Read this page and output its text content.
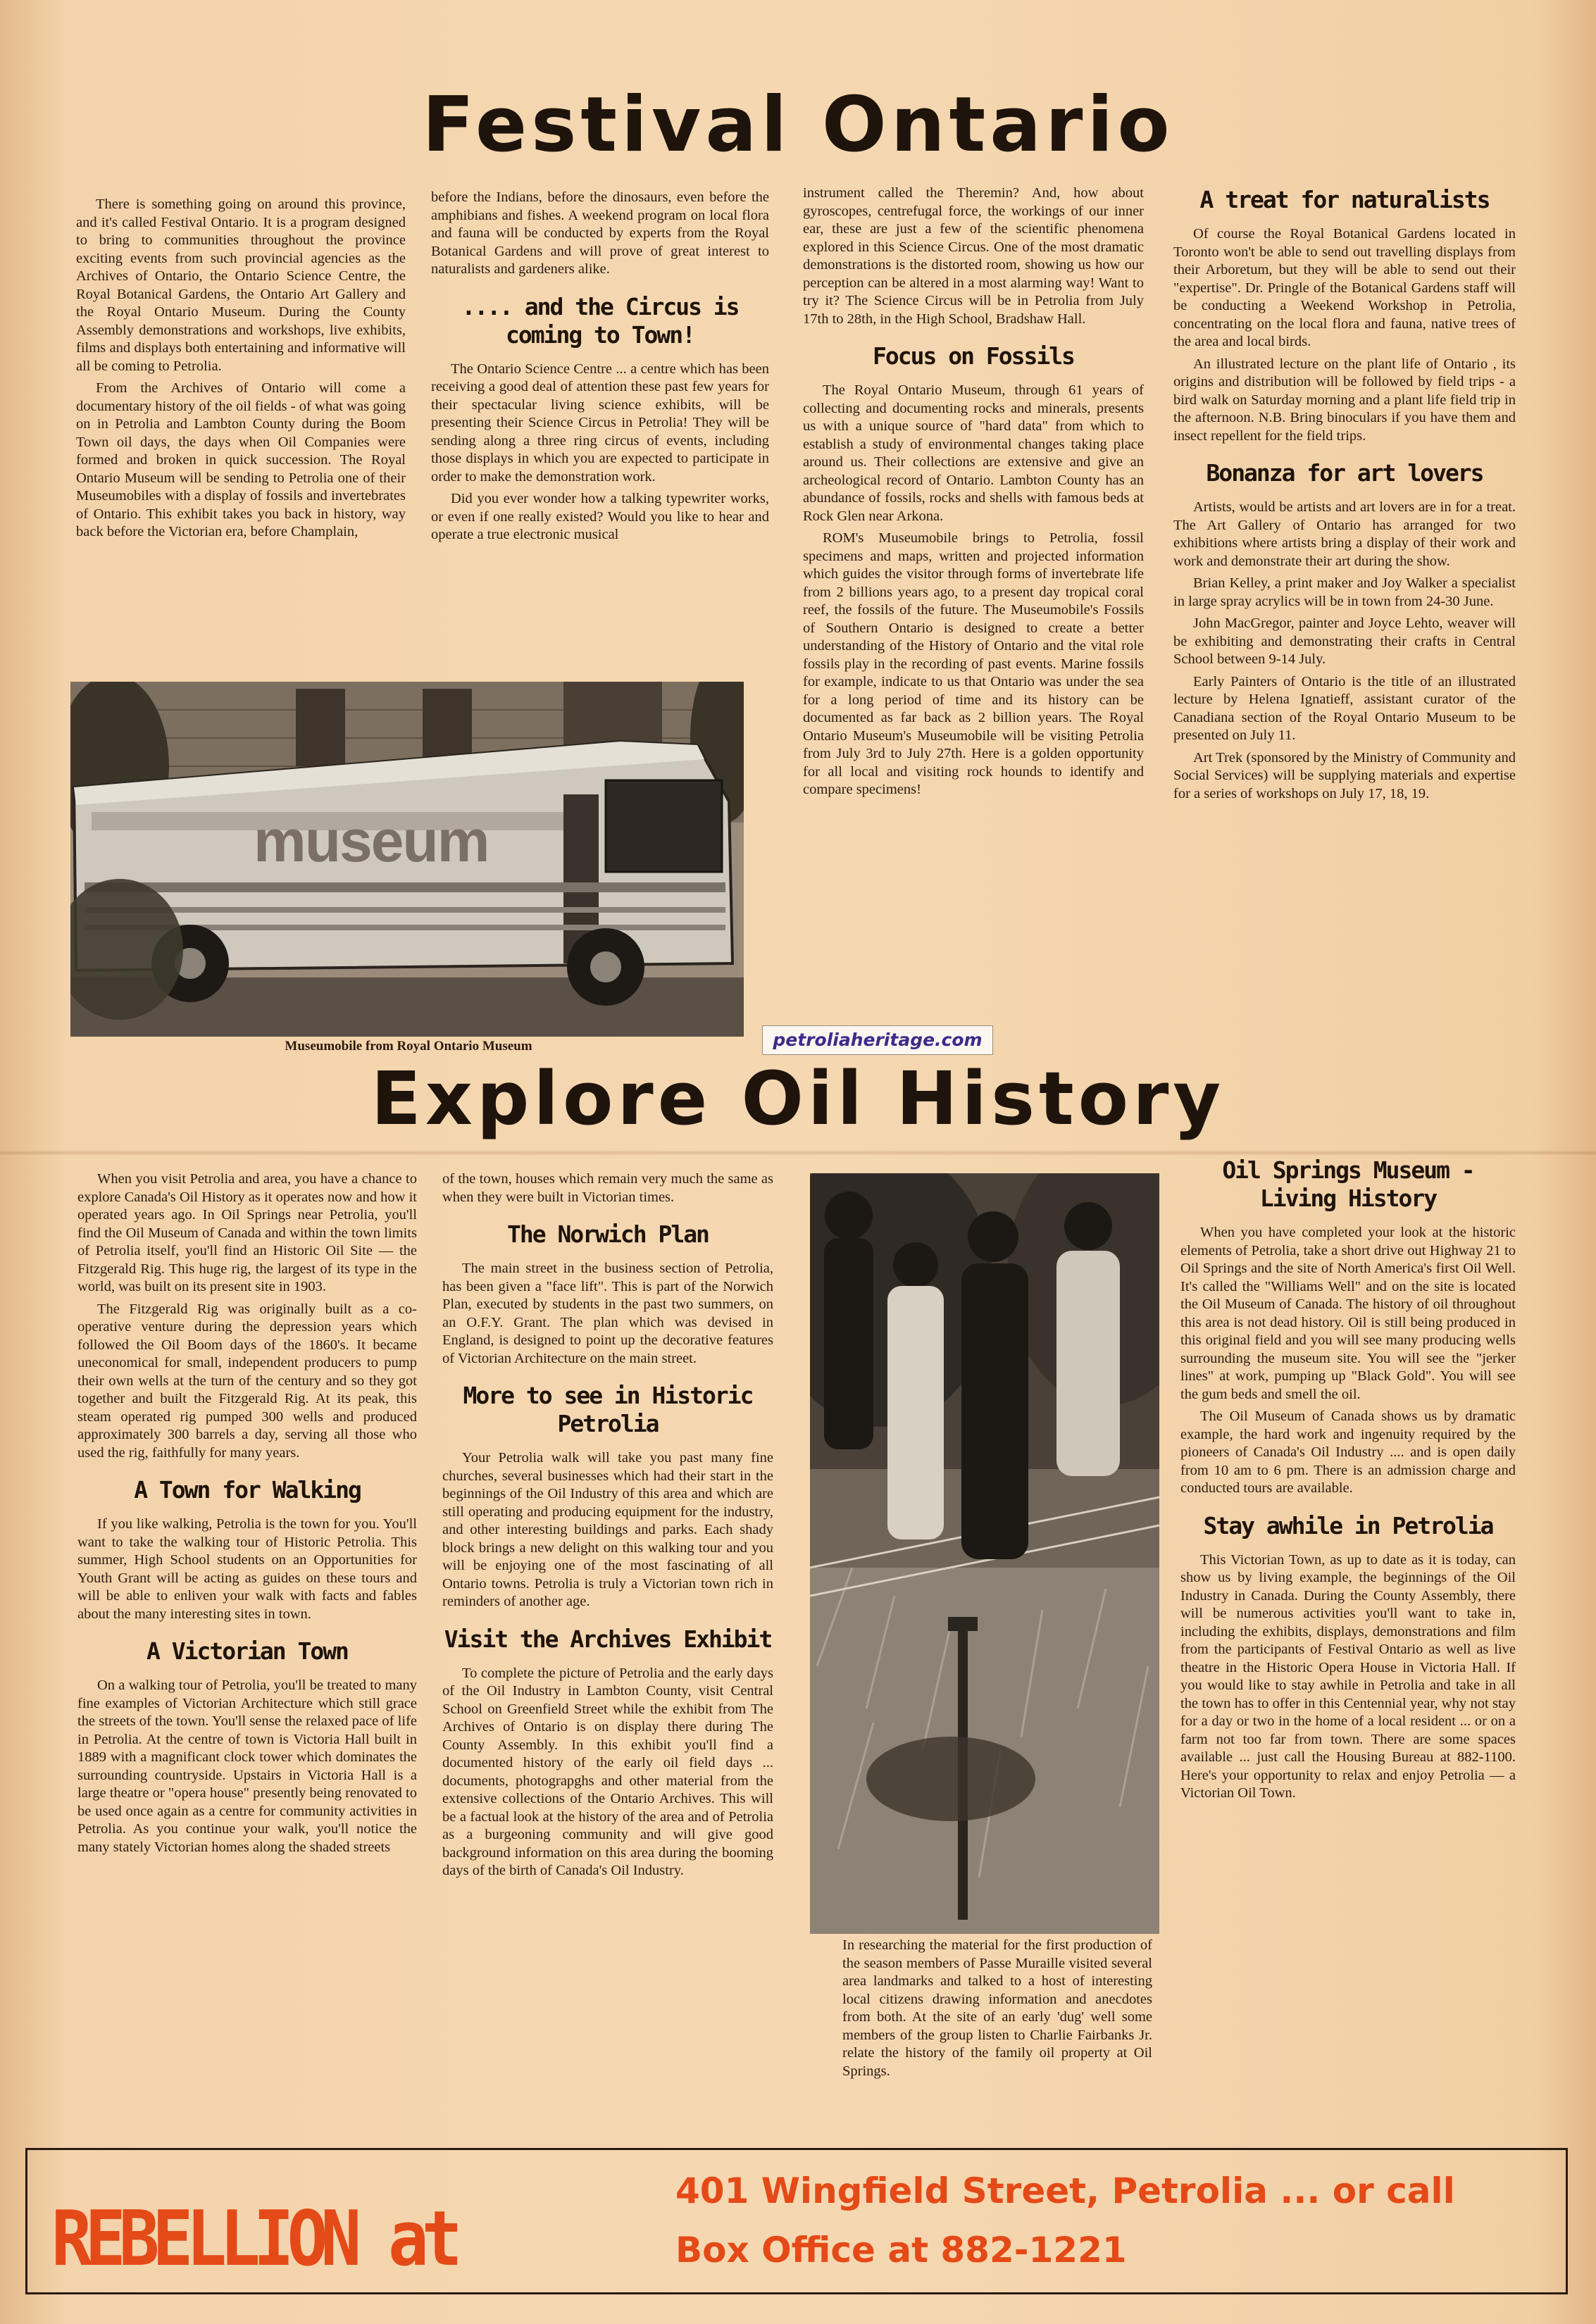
Festival Ontario

There is something going on around this province, and it's called Festival Ontario. It is a program designed to bring to communities throughout the province exciting events from such provincial agencies as the Archives of Ontario, the Ontario Science Centre, the Royal Botanical Gardens, the Ontario Art Gallery and the Royal Ontario Museum. During the County Assembly demonstrations and workshops, live exhibits, films and displays both entertaining and informative will all be coming to Petrolia.

From the Archives of Ontario will come a documentary history of the oil fields - of what was going on in Petrolia and Lambton County during the Boom Town oil days, the days when Oil Companies were formed and broken in quick succession. The Royal Ontario Museum will be sending to Petrolia one of their Museumobiles with a display of fossils and invertebrates of Ontario. This exhibit takes you back in history, way back before the Victorian era, before Champlain,

before the Indians, before the dinosaurs, even before the amphibians and fishes. A weekend program on local flora and fauna will be conducted by experts from the Royal Botanical Gardens and will prove of great interest to naturalists and gardeners alike.

.... and the Circus is coming to Town!

The Ontario Science Centre ... a centre which has been receiving a good deal of attention these past few years for their spectacular living science exhibits, will be presenting their Science Circus in Petrolia! They will be sending along a three ring circus of events, including those displays in which you are expected to participate in order to make the demonstration work.

Did you ever wonder how a talking typewriter works, or even if one really existed? Would you like to hear and operate a true electronic musical

instrument called the Theremin? And, how about gyroscopes, centrefugal force, the workings of our inner ear, these are just a few of the scientific phenomena explored in this Science Circus. One of the most dramatic demonstrations is the distorted room, showing us how our perception can be altered in a most alarming way! Want to try it? The Science Circus will be in Petrolia from July 17th to 28th, in the High School, Bradshaw Hall.

Focus on Fossils

The Royal Ontario Museum, through 61 years of collecting and documenting rocks and minerals, presents us with a unique source of "hard data" from which to establish a study of environmental changes taking place around us. Their collections are extensive and give an archeological record of Ontario. Lambton County has an abundance of fossils, rocks and shells with famous beds at Rock Glen near Arkona.

ROM's Museumobile brings to Petrolia, fossil specimens and maps, written and projected information which guides the visitor through forms of invertebrate life from 2 billions years ago, to a present day tropical coral reef, the fossils of the future. The Museumobile's Fossils of Southern Ontario is designed to create a better understanding of the History of Ontario and the vital role fossils play in the recording of past events. Marine fossils for example, indicate to us that Ontario was under the sea for a long period of time and its history can be documented as far back as 2 billion years. The Royal Ontario Museum's Museumobile will be visiting Petrolia from July 3rd to July 27th. Here is a golden opportunity for all local and visiting rock hounds to identify and compare specimens!

A treat for naturalists

Of course the Royal Botanical Gardens located in Toronto won't be able to send out travelling displays from their Arboretum, but they will be able to send out their "expertise". Dr. Pringle of the Botanical Gardens staff will be conducting a Weekend Workshop in Petrolia, concentrating on the local flora and fauna, native trees of the area and local birds.

An illustrated lecture on the plant life of Ontario , its origins and distribution will be followed by field trips - a bird walk on Saturday morning and a plant life field trip in the afternoon. N.B. Bring binoculars if you have them and insect repellent for the field trips.

Bonanza for art lovers

Artists, would be artists and art lovers are in for a treat. The Art Gallery of Ontario has arranged for two exhibitions where artists bring a display of their work and work and demonstrate their art during the show.

Brian Kelley, a print maker and Joy Walker a specialist in large spray acrylics will be in town from 24-30 June.

John MacGregor, painter and Joyce Lehto, weaver will be exhibiting and demonstrating their crafts in Central School between 9-14 July.

Early Painters of Ontario is the title of an illustrated lecture by Helena Ignatieff, assistant curator of the Canadiana section of the Royal Ontario Museum to be presented on July 11.

Art Trek (sponsored by the Ministry of Community and Social Services) will be supplying materials and expertise for a series of workshops on July 17, 18, 19.

museum
Museumobile from Royal Ontario Museum	petroliaheritage.com
Explore Oil History

When you visit Petrolia and area, you have a chance to explore Canada's Oil History as it operates now and how it operated years ago. In Oil Springs near Petrolia, you'll find the Oil Museum of Canada and within the town limits of Petrolia itself, you'll find an Historic Oil Site — the Fitzgerald Rig. This huge rig, the largest of its type in the world, was built on its present site in 1903.

The Fitzgerald Rig was originally built as a co-operative venture during the depression years which followed the Oil Boom days of the 1860's. It became uneconomical for small, independent producers to pump their own wells at the turn of the century and so they got together and built the Fitzgerald Rig. At its peak, this steam operated rig pumped 300 wells and produced approximately 300 barrels a day, serving all those who used the rig, faithfully for many years.

A Town for Walking

If you like walking, Petrolia is the town for you. You'll want to take the walking tour of Historic Petrolia. This summer, High School students on an Opportunities for Youth Grant will be acting as guides on these tours and will be able to enliven your walk with facts and fables about the many interesting sites in town.

A Victorian Town

On a walking tour of Petrolia, you'll be treated to many fine examples of Victorian Architecture which still grace the streets of the town. You'll sense the relaxed pace of life in Petrolia. At the centre of town is Victoria Hall built in 1889 with a magnificant clock tower which dominates the surrounding countryside. Upstairs in Victoria Hall is a large theatre or "opera house" presently being renovated to be used once again as a centre for community activities in Petrolia. As you continue your walk, you'll notice the many stately Victorian homes along the shaded streets

of the town, houses which remain very much the same as when they were built in Victorian times.

The Norwich Plan

The main street in the business section of Petrolia, has been given a "face lift". This is part of the Norwich Plan, executed by students in the past two summers, on an O.F.Y. Grant. The plan which was devised in England, is designed to point up the decorative features of Victorian Architecture on the main street.

More to see in Historic Petrolia

Your Petrolia walk will take you past many fine churches, several businesses which had their start in the beginnings of the Oil Industry of this area and which are still operating and producing equipment for the industry, and other interesting buildings and parks. Each shady block brings a new delight on this walking tour and you will be enjoying one of the most fascinating of all Ontario towns. Petrolia is truly a Victorian town rich in reminders of another age.

Visit the Archives Exhibit

To complete the picture of Petrolia and the early days of the Oil Industry in Lambton County, visit Central School on Greenfield Street while the exhibit from The Archives of Ontario is on display there during The County Assembly. In this exhibit you'll find a documented history of the early oil field days ... documents, photograpghs and other material from the extensive collections of the Ontario Archives. This will be a factual look at the history of the area and of Petrolia as a burgeoning community and will give good background information on this area during the booming days of the birth of Canada's Oil Industry.

In researching the material for the first production of the season members of Passe Muraille visited several area landmarks and talked to a host of interesting local citizens drawing information and anecdotes from both. At the site of an early 'dug' well some members of the group listen to Charlie Fairbanks Jr. relate the history of the family oil property at Oil Springs.
Oil Springs Museum - Living History

When you have completed your look at the historic elements of Petrolia, take a short drive out Highway 21 to Oil Springs and the site of North America's first Oil Well. It's called the "Williams Well" and on the site is located the Oil Museum of Canada. The history of oil throughout this area is not dead history. Oil is still being produced in this original field and you will see many producing wells surrounding the museum site. You will see the "jerker lines" at work, pumping up "Black Gold". You will see the gum beds and smell the oil.

The Oil Museum of Canada shows us by dramatic example, the hard work and ingenuity required by the pioneers of Canada's Oil Industry .... and is open daily from 10 am to 6 pm. There is an admission charge and conducted tours are available.

Stay awhile in Petrolia

This Victorian Town, as up to date as it is today, can show us by living example, the beginnings of the Oil Industry in Canada. During the County Assembly, there will be numerous activities you'll want to take in, including the exhibits, displays, demonstrations and film from the participants of Festival Ontario as well as live theatre in the Historic Opera House in Victoria Hall. If you would like to stay awhile in Petrolia and take in all the town has to offer in this Centennial year, why not stay for a day or two in the home of a local resident ... or on a farm not too far from town. There are some spaces available ... just call the Housing Bureau at 882-1100. Here's your opportunity to relax and enjoy Petrolia — a Victorian Oil Town.

REBELLION at
401 Wingfield Street, Petrolia ... or call
Box Office at 882-1221
